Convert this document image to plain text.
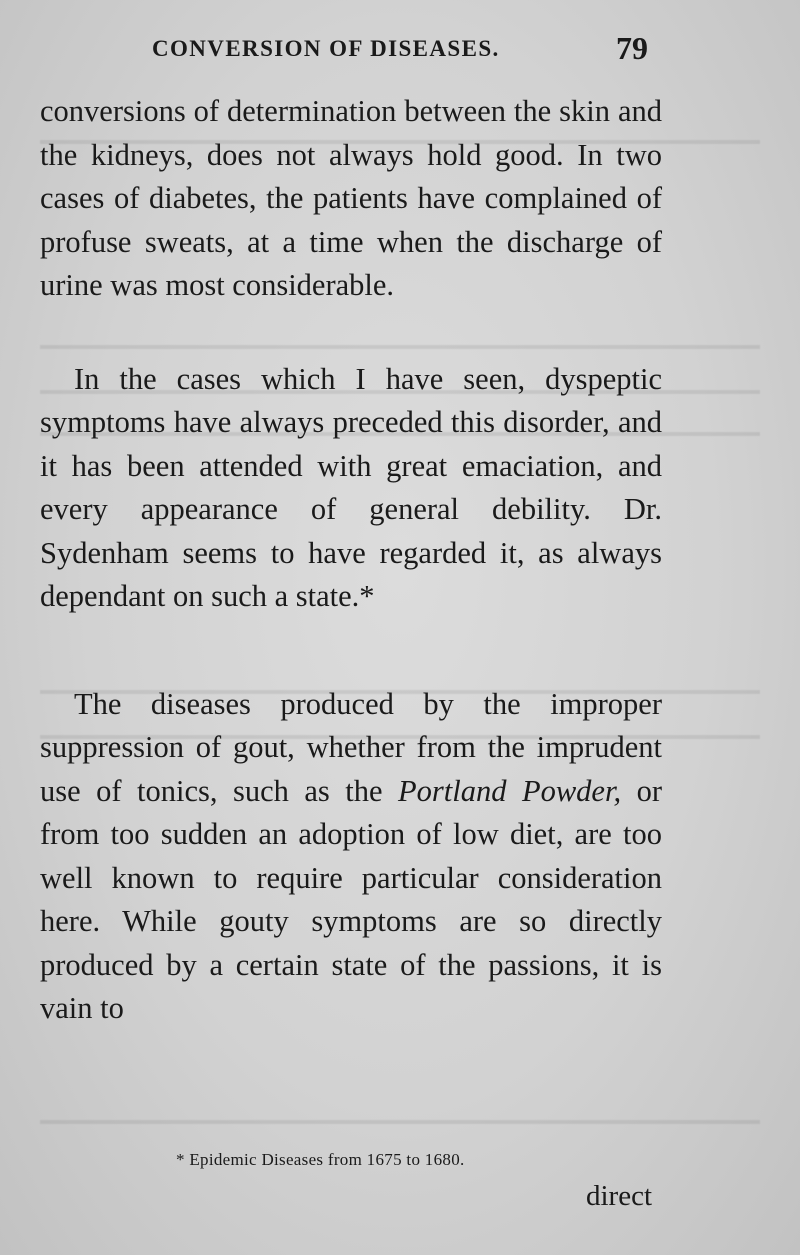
CONVERSION OF DISEASES.	79

conversions of determination between the skin and the kidneys, does not always hold good. In two cases of diabetes, the patients have complained of profuse sweats, at a time when the discharge of urine was most considerable.

In the cases which I have seen, dyspeptic symptoms have always preceded this disorder, and it has been attended with great emaciation, and every appearance of general debility. Dr. Sydenham seems to have regarded it, as always dependant on such a state.*

The diseases produced by the improper suppression of gout, whether from the imprudent use of tonics, such as the Portland Powder, or from too sudden an adoption of low diet, are too well known to require particular consideration here. While gouty symptoms are so directly produced by a certain state of the passions, it is vain to

* Epidemic Diseases from 1675 to 1680.
direct
